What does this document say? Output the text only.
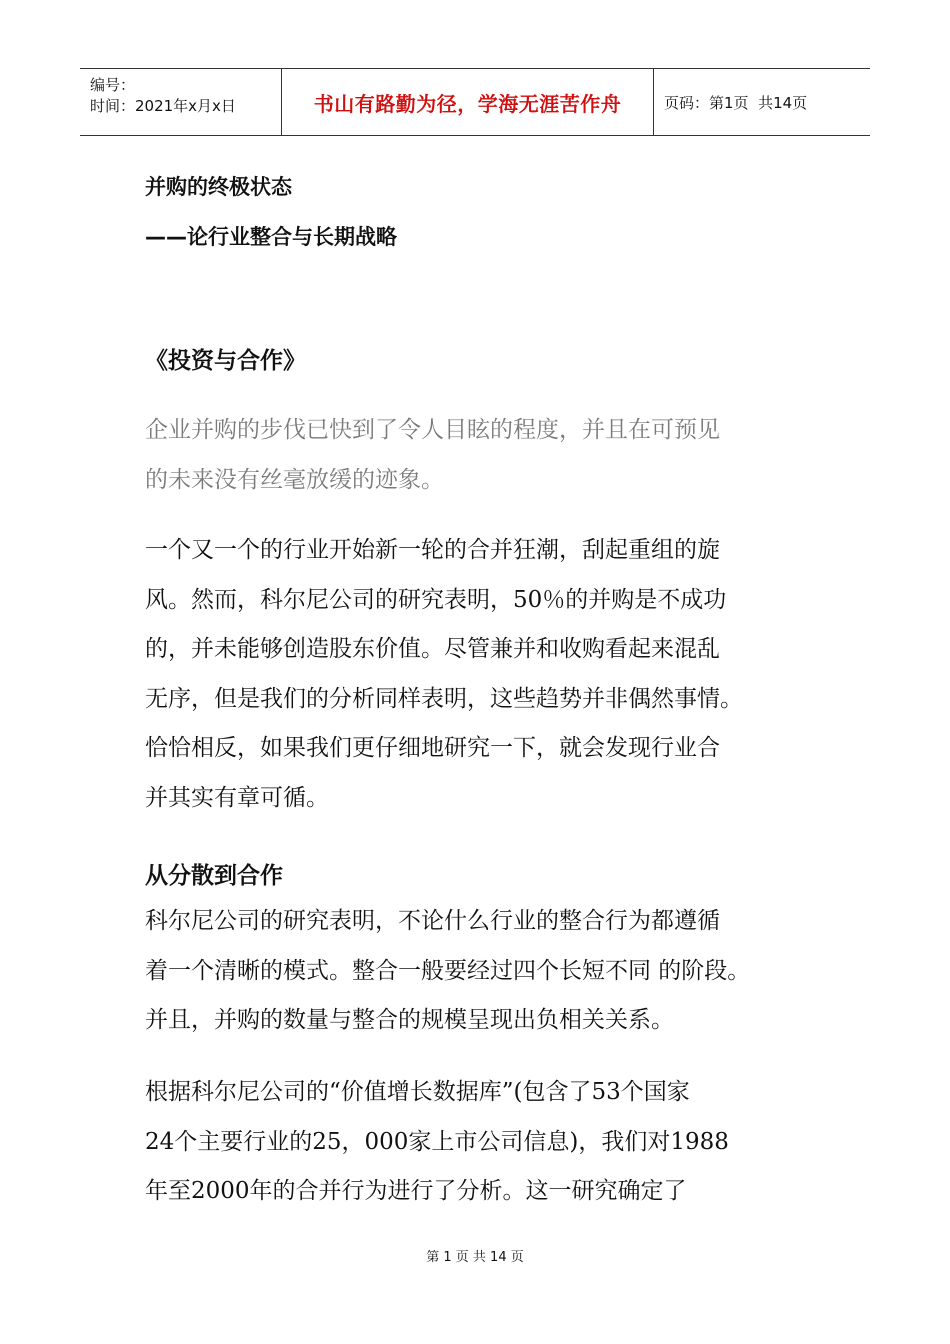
编号：
时间：2021年x月x日	书山有路勤为径，学海无涯苦作舟	页码：第1页  共14页
并购的终极状态
——论行业整合与长期战略
《投资与合作》
企业并购的步伐已快到了令人目眩的程度，并且在可预见
的未来没有丝毫放缓的迹象。
一个又一个的行业开始新一轮的合并狂潮，刮起重组的旋
风。然而，科尔尼公司的研究表明，50％的并购是不成功
的，并未能够创造股东价值。尽管兼并和收购看起来混乱
无序，但是我们的分析同样表明，这些趋势并非偶然事情。
恰恰相反，如果我们更仔细地研究一下，就会发现行业合
并其实有章可循。
从分散到合作
科尔尼公司的研究表明，不论什么行业的整合行为都遵循
着一个清晰的模式。整合一般要经过四个长短不同 的阶段。
并且，并购的数量与整合的规模呈现出负相关关系。
根据科尔尼公司的“价值增长数据库”(包含了53个国家
24个主要行业的25，000家上市公司信息)，我们对1988
年至2000年的合并行为进行了分析。这一研究确定了
第 1 页 共 14 页
